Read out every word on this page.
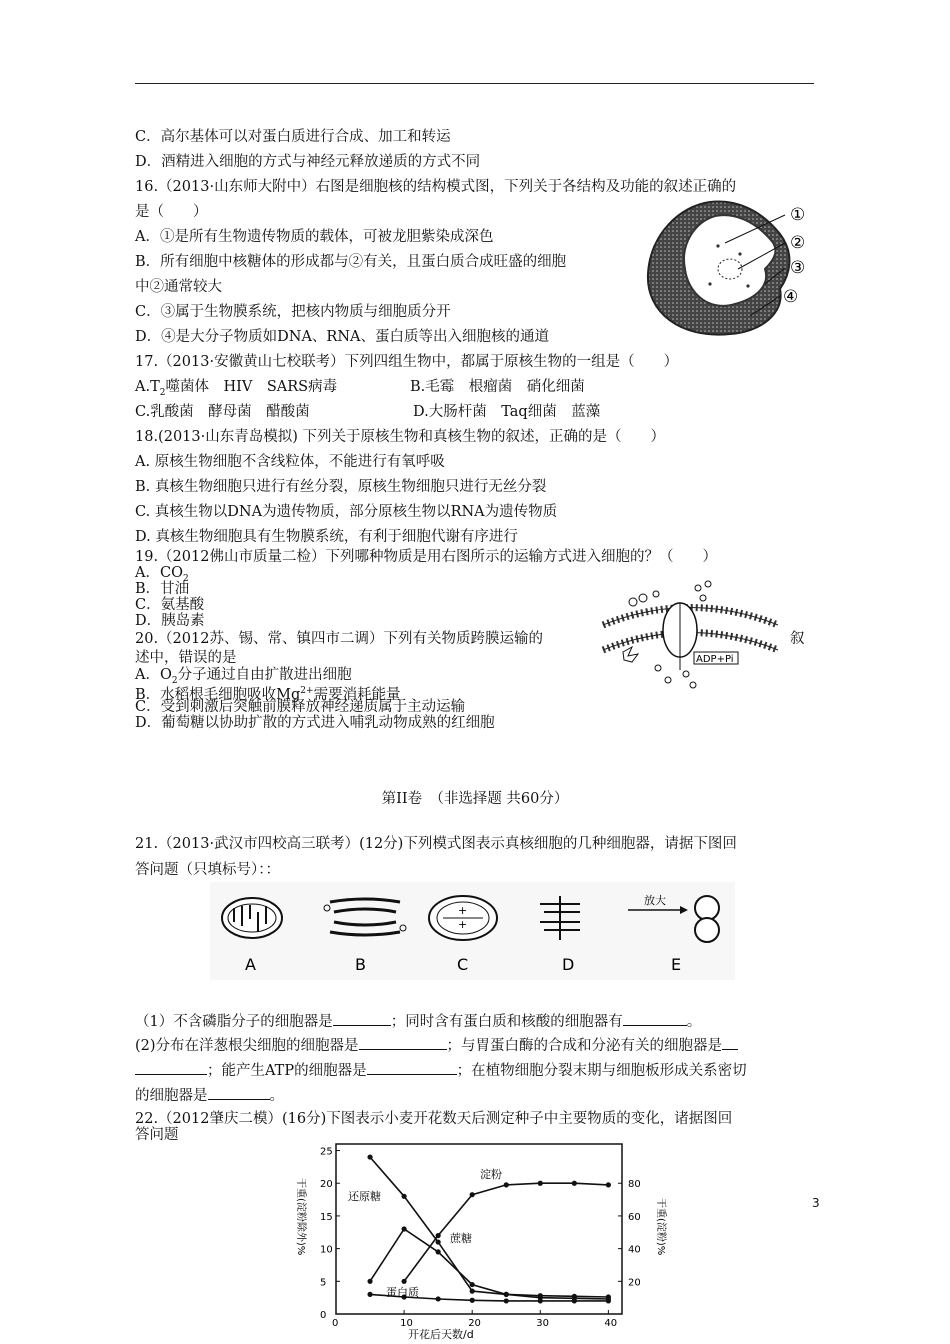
C．高尔基体可以对蛋白质进行合成、加工和转运
D．酒精进入细胞的方式与神经元释放递质的方式不同
16.（2013·山东师大附中）右图是细胞核的结构模式图，下列关于各结构及功能的叙述正确的
是（　　）
A．①是所有生物遗传物质的载体，可被龙胆紫染成深色
B．所有细胞中核糖体的形成都与②有关，且蛋白质合成旺盛的细胞
中②通常较大
C．③属于生物膜系统，把核内物质与细胞质分开
D．④是大分子物质如DNA、RNA、蛋白质等出入细胞核的通道
①
②
③
④
17.（2013·安徽黄山七校联考）下列四组生物中，都属于原核生物的一组是（　　）
$A.T_2$噬菌体　HIV　SARS病毒	B.毛霉　根瘤菌　硝化细菌
C.乳酸菌　酵母菌　醋酸菌	D.大肠杆菌　Taq细菌　蓝藻
18.(2013·山东青岛模拟) 下列关于原核生物和真核生物的叙述，正确的是（　　）
A. 原核生物细胞不含线粒体，不能进行有氧呼吸
B. 真核生物细胞只进行有丝分裂，原核生物细胞只进行无丝分裂
C. 真核生物以DNA为遗传物质，部分原核生物以RNA为遗传物质
D. 真核生物细胞具有生物膜系统，有利于细胞代谢有序进行
19.（2012佛山市质量二检）下列哪种物质是用右图所示的运输方式进入细胞的？（　　）
A．$CO_2$
B．甘油
C．氨基酸
D．胰岛素
ADP+Pi
20.（2012苏、锡、常、镇四市二调）下列有关物质跨膜运输的	叙
述中，错误的是
A．$O_2$分子通过自由扩散进出细胞
B．水稻根毛细胞吸收$Mg^{2+}$需要消耗能量
C．受到刺激后突触前膜释放神经递质属于主动运输
D．葡萄糖以协助扩散的方式进入哺乳动物成熟的红细胞
第II卷　（非选择题 共60分）
21.（2013·武汉市四校高三联考）(12分)下列模式图表示真核细胞的几种细胞器，请据下图回
答问题（只填标号）：：
+
+
放大
A	B	C	D	E
（1）不含磷脂分子的细胞器是	；同时含有蛋白质和核酸的细胞器有	。
(2)分布在洋葱根尖细胞的细胞器是	；与胃蛋白酶的合成和分泌有关的细胞器是
；能产生ATP的细胞器是	；在植物细胞分裂末期与细胞板形成关系密切
的细胞器是	。
22.（2012肇庆二模）(16分)下图表示小麦开花数天后测定种子中主要物质的变化，诸据图回
答问题
0	10	20	30	40
0
5
10
15
20
25
20
40
60
80
开花后天数/d
干重(淀粉除外)%	干重(淀粉)%
淀粉
还原糖
蔗糖
蛋白质
3
